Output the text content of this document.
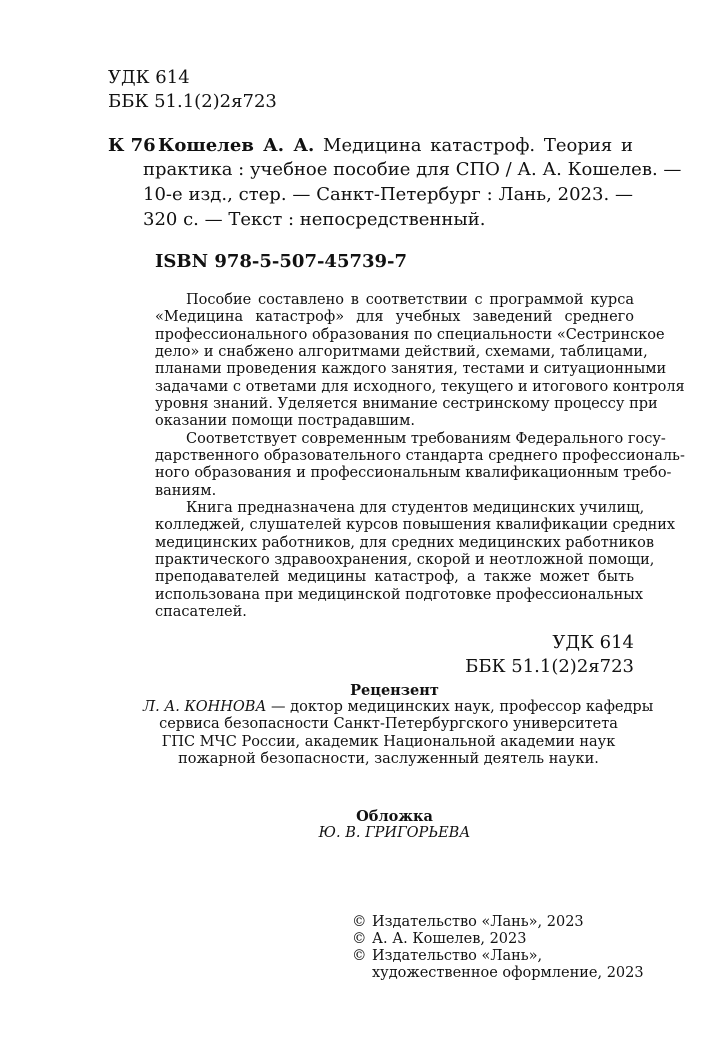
УДК 614
ББК 51.1(2)2я723
К 76 Кошелев А. А. Медицина катастроф. Теория и
практика : учебное пособие для СПО / А. А. Кошелев. —
10-е изд., стер. — Санкт-Петербург : Лань, 2023. —
320 с. — Текст : непосредственный.
ISBN 978-5-507-45739-7
Пособие составлено в соответствии с программой курса
«Медицина катастроф» для учебных заведений среднего
профессионального образования по специальности «Сестринское
дело» и снабжено алгоритмами действий, схемами, таблицами,
планами проведения каждого занятия, тестами и ситуационными
задачами с ответами для исходного, текущего и итогового контроля
уровня знаний. Уделяется внимание сестринскому процессу при
оказании помощи пострадавшим.
Соответствует современным требованиям Федерального госу-
дарственного образовательного стандарта среднего профессиональ-
ного образования и профессиональным квалификационным требо-
ваниям.
Книга предназначена для студентов медицинских училищ,
колледжей, слушателей курсов повышения квалификации средних
медицинских работников, для средних медицинских работников
практического здравоохранения, скорой и неотложной помощи,
преподавателей медицины катастроф, а также может быть
использована при медицинской подготовке профессиональных
спасателей.
УДК 614
ББК 51.1(2)2я723
Рецензент
Л. А. КОННОВА — доктор медицинских наук, профессор кафедры
сервиса безопасности Санкт-Петербургского университета
ГПС МЧС России, академик Национальной академии наук
пожарной безопасности, заслуженный деятель науки.
Обложка
Ю. В. ГРИГОРЬЕВА
© Издательство «Лань», 2023
© А. А. Кошелев, 2023
© Издательство «Лань»,
художественное оформление, 2023
